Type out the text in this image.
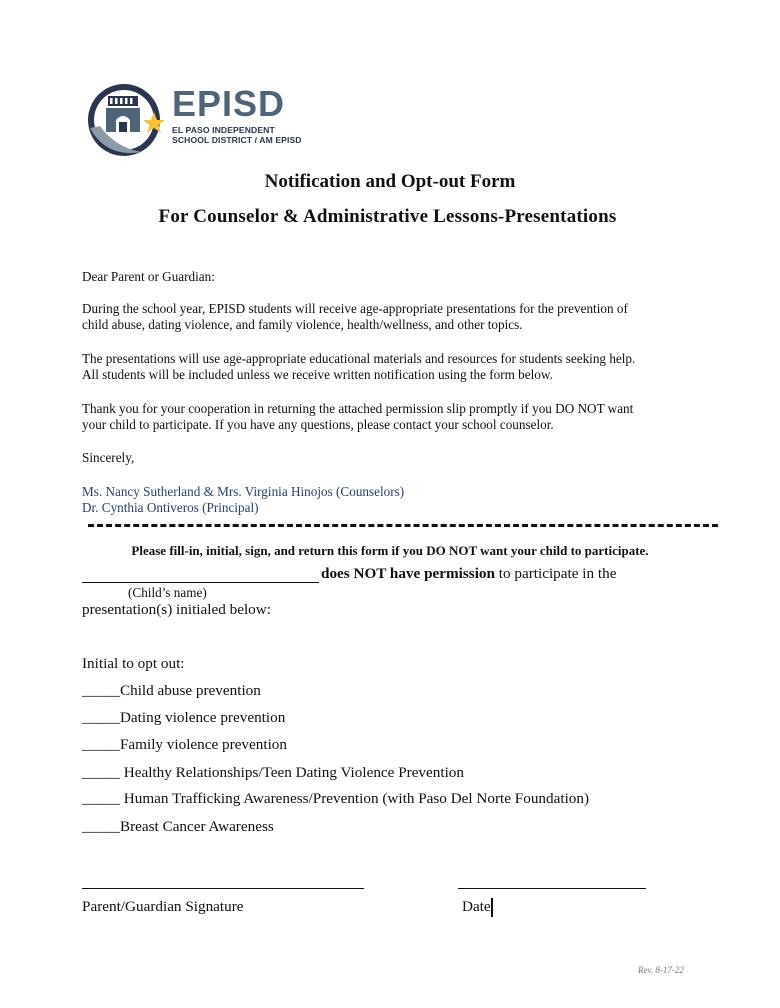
EPISD
EL PASO INDEPENDENT
SCHOOL DISTRICT / AM EPISD
Notification and Opt-out Form
For Counselor & Administrative Lessons-Presentations
Dear Parent or Guardian:
During the school year, EPISD students will receive age-appropriate presentations for the prevention of
child abuse, dating violence, and family violence, health/wellness, and other topics.
The presentations will use age-appropriate educational materials and resources for students seeking help.
All students will be included unless we receive written notification using the form below.
Thank you for your cooperation in returning the attached permission slip promptly if you DO NOT want
your child to participate. If you have any questions, please contact your school counselor.
Sincerely,
Ms. Nancy Sutherland & Mrs. Virginia Hinojos (Counselors)
Dr. Cynthia Ontiveros (Principal)
Please fill-in, initial, sign, and return this form if you DO NOT want your child to participate.
does NOT have permission to participate in the
(Child’s name)
presentation(s) initialed below:
Initial to opt out:
_____Child abuse prevention
_____Dating violence prevention
_____Family violence prevention
_____ Healthy Relationships/Teen Dating Violence Prevention
_____ Human Trafficking Awareness/Prevention (with Paso Del Norte Foundation)
_____Breast Cancer Awareness
Parent/Guardian Signature	Date
Rev. 8-17-22
